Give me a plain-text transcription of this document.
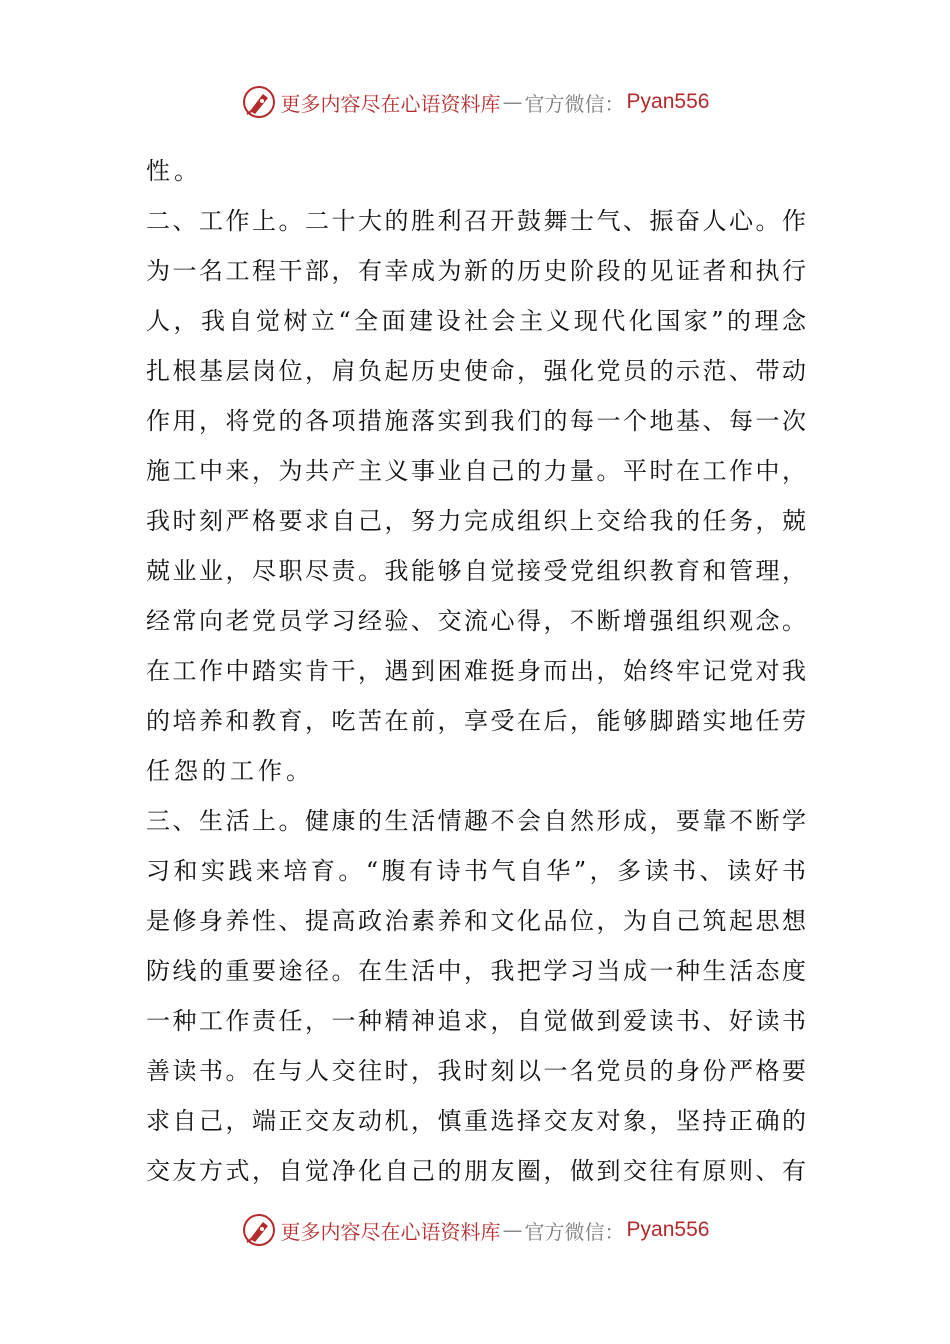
更多内容尽在心语资料库 — 官方微信： Pyan556
性。
二、工作上。二十大的胜利召开鼓舞士气、振奋人心。作
为一名工程干部，有幸成为新的历史阶段的见证者和执行
人，我自觉树立“全面建设社会主义现代化国家”的理念
扎根基层岗位，肩负起历史使命，强化党员的示范、带动
作用，将党的各项措施落实到我们的每一个地基、每一次
施工中来，为共产主义事业自己的力量。平时在工作中，
我时刻严格要求自己，努力完成组织上交给我的任务，兢
兢业业，尽职尽责。我能够自觉接受党组织教育和管理，
经常向老党员学习经验、交流心得，不断增强组织观念。
在工作中踏实肯干，遇到困难挺身而出，始终牢记党对我
的培养和教育，吃苦在前，享受在后，能够脚踏实地任劳
任怨的工作。
三、生活上。健康的生活情趣不会自然形成，要靠不断学
习和实践来培育。“腹有诗书气自华”，多读书、读好书
是修身养性、提高政治素养和文化品位，为自己筑起思想
防线的重要途径。在生活中，我把学习当成一种生活态度
一种工作责任，一种精神追求，自觉做到爱读书、好读书
善读书。在与人交往时，我时刻以一名党员的身份严格要
求自己，端正交友动机，慎重选择交友对象，坚持正确的
交友方式，自觉净化自己的朋友圈，做到交往有原则、有
更多内容尽在心语资料库 — 官方微信： Pyan556
